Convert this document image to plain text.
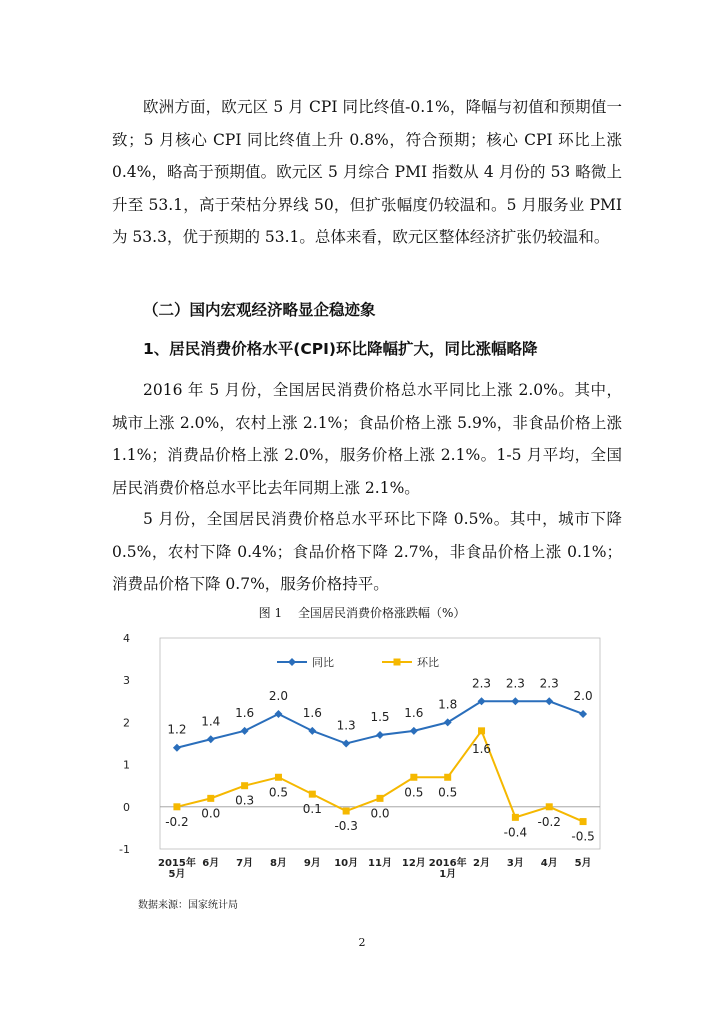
欧洲方面，欧元区 5 月 CPI 同比终值-0.1%，降幅与初值和预期值一致；5 月核心 CPI 同比终值上升 0.8%，符合预期；核心 CPI 环比上涨 0.4%，略高于预期值。欧元区 5 月综合 PMI 指数从 4 月份的 53 略微上升至 53.1，高于荣枯分界线 50，但扩张幅度仍较温和。5 月服务业 PMI 为 53.3，优于预期的 53.1。总体来看，欧元区整体经济扩张仍较温和。

（二）国内宏观经济略显企稳迹象

1、居民消费价格水平(CPI)环比降幅扩大，同比涨幅略降

2016 年 5 月份，全国居民消费价格总水平同比上涨 2.0%。其中，城市上涨 2.0%，农村上涨 2.1%；食品价格上涨 5.9%，非食品价格上涨 1.1%；消费品价格上涨 2.0%，服务价格上涨 2.1%。1-5 月平均，全国居民消费价格总水平比去年同期上涨 2.1%。

5 月份，全国居民消费价格总水平环比下降 0.5%。其中，城市下降 0.5%，农村下降 0.4%；食品价格下降 2.7%，非食品价格上涨 0.1%；消费品价格下降 0.7%，服务价格持平。

图 1 全国居民消费价格涨跌幅（%）

4
3
2
1
0
-1
2015年
5月
6月 7月 8月 9月 10月 11月 12月 2016年
1月
2月 3月 4月 5月
1.2
1.4
1.6
2.0
1.6
1.3
1.5 1.6
1.8
2.3 2.3 2.3
2.0
-0.2
0.0
0.3
0.5
0.1
-0.3
0.0
0.5 0.5
1.6
-0.4
-0.2
-0.5
同比	环比

数据来源：国家统计局

2
